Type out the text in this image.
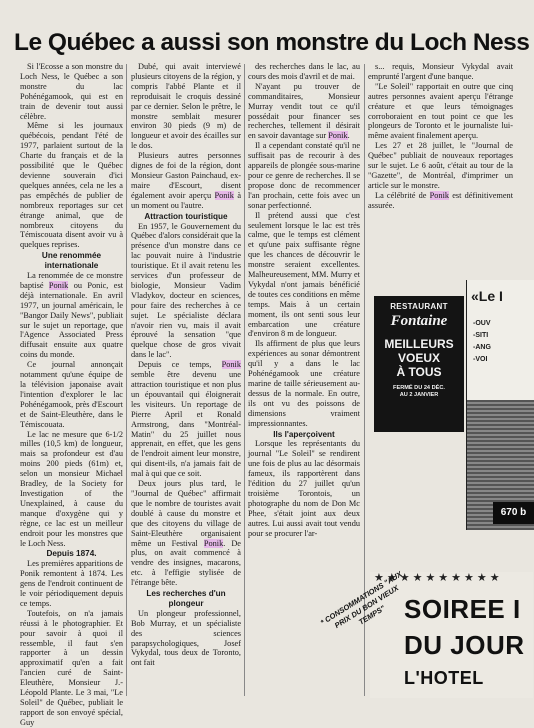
Le Québec a aussi son monstre du Loch Ness

Si l'Ecosse a son monstre du Loch Ness, le Québec a son monstre du lac Pohénégamook, qui est en train de devenir tout aussi célèbre.

Même si les journaux québécois, pendant l'été de 1977, parlaient surtout de la Charte du français et de la possibilité que le Québec devienne souverain d'ici quelques années, cela ne les a pas empêchés de publier de nombreux reportages sur cet étrange animal, que de nombreux citoyens du Témiscouata disent avoir vu à quelques reprises.

Une renommée internationale

La renommée de ce monstre baptisé Ponik ou Ponic, est déjà internationale. En avril 1977, un journal américain, le "Bangor Daily News", publiait sur le sujet un reportage, que l'Agence Associated Press diffusait ensuite aux quatre coins du monde.

Ce journal annonçait notamment qu'une équipe de la télévision japonaise avait l'intention d'explorer le lac Pohénégamook, près d'Escourt et de Saint-Eleuthère, dans le Témiscouata.

Le lac ne mesure que 6-1/2 milles (10,5 km) de longueur, mais sa profondeur est d'au moins 200 pieds (61m) et, selon un monsieur Michael Bradley, de la Society for Investigation of the Unexplained, à cause du manque d'oxygène qui y règne, ce lac est un meilleur endroit pour les monstres que le Loch Ness.

Depuis 1874.

Les premières apparitions de Ponik remontent à 1874. Les gens de l'endroit continuent de le voir périodiquement depuis ce temps.

Toutefois, on n'a jamais réussi à le photographier. Et pour savoir à quoi il ressemble, il faut s'en rapporter à un dessin approximatif qu'en a fait l'ancien curé de Saint-Eleuthère, Monsieur J.-Léopold Plante. Le 3 mai, "Le Soleil" de Québec, publiait le rapport de son envoyé spécial, Guy

Dubé, qui avait interviewé plusieurs citoyens de la région, y compris l'abbé Plante et il reproduisait le croquis dessiné par ce dernier. Selon le prêtre, le monstre semblait mesurer environ 30 pieds (9 m) de longueur et avoir des écailles sur le dos.

Plusieurs autres personnes dignes de foi de la région, dont Monsieur Gaston Painchaud, ex-maire d'Escourt, disent également avoir aperçu Ponik à un moment ou l'autre.

Attraction touristique

En 1957, le Gouvernement du Québec d'alors considérait que la présence d'un monstre dans ce lac pouvait nuire à l'industrie touristique. Et il avait retenu les services d'un professeur de biologie, Monsieur Vadim Vladykov, docteur en sciences, pour faire des recherches à ce sujet. Le spécialiste déclara n'avoir rien vu, mais il avait éprouvé la sensation "que quelque chose de gros vivait dans le lac".

Depuis ce temps, Ponik semble être devenu une attraction touristique et non plus un épouvantail qui éloignerait les visiteurs. Un reportage de Pierre April et Ronald Armstrong, dans "Montréal-Matin" du 25 juillet nous apprenait, en effet, que les gens de l'endroit aiment leur monstre, qui disent-ils, n'a jamais fait de mal à qui que ce soit.

Deux jours plus tard, le "Journal de Québec" affirmait que le nombre de touristes avait doublé à cause du monstre et que des citoyens du village de Saint-Eleuthère organisaient même un Festival Ponik. De plus, on avait commencé à vendre des insignes, macarons, etc. à l'effigie stylisée de l'étrange bête.

Les recherches d'un plongeur

Un plongeur professionnel, Bob Murray, et un spécialiste des sciences parapsychologiques, Josef Vykydal, tous deux de Toronto, ont fait

des recherches dans le lac, au cours des mois d'avril et de mai.

N'ayant pu trouver de commanditaires, Monsieur Murray vendit tout ce qu'il possédait pour financer ses recherches, tellement il désirait en savoir davantage sur Ponik.

Il a cependant constaté qu'il ne suffisait pas de recourir à des appareils de plongée sous-marine pour ce genre de recherches. Il se propose donc de recommencer l'an prochain, cette fois avec un sonar perfectionné.

Il prétend aussi que c'est seulement lorsque le lac est très calme, que le temps est clément et qu'une paix suffisante règne que les chances de découvrir le monstre seraient excellentes. Malheureusement, MM. Murry et Vykydal n'ont jamais bénéficié de toutes ces conditions en même temps. Mais à un certain moment, ils ont senti sous leur embarcation une créature d'environ 8 m de longueur.

Ils affirment de plus que leurs expériences au sonar démontrent qu'il y a dans le lac Pohénégamook une créature marine de taille sérieusement au-dessus de la normale. En outre, ils ont vu des poissons de dimensions vraiment impressionnantes.

Ils l'aperçoivent

Lorsque les représentants du journal "Le Soleil" se rendirent une fois de plus au lac désormais fameux, ils rapportèrent dans l'édition du 27 juillet qu'un troisième Torontois, un photographe du nom de Don Mc Phee, s'était joint aux deux autres. Lui aussi avait tout vendu pour se procurer l'ar-

s... requis, Monsieur Vykydal avait emprunté l'argent d'une banque.

"Le Soleil" rapportait en outre que cinq autres personnes avaient aperçu l'étrange créature et que leurs témoignages corroboraient en tout point ce que les plongeurs de Toronto et le journaliste lui-même avaient finalement aperçu.

Les 27 et 28 juillet, le "Journal de Québec" publiait de nouveaux reportages sur le sujet. Le 6 août, c'était au tour de la "Gazette", de Montréal, d'imprimer un article sur le monstre.

La célébrité de Ponik est définitivement assurée.

RESTAURANT
Fontaine
MEILLEURS
VOEUX
À TOUS
FERMÉ DU 24 DÉC.
AU 2 JANVIER
«Le I
-OUV
-SITI
-ANG
-VOI
670 b
★★★★★★★★★★
SOIREE I
DU JOUR
L'HOTEL
* CONSOMMATIONS "AUX PRIX DU BON VIEUX TEMPS"
